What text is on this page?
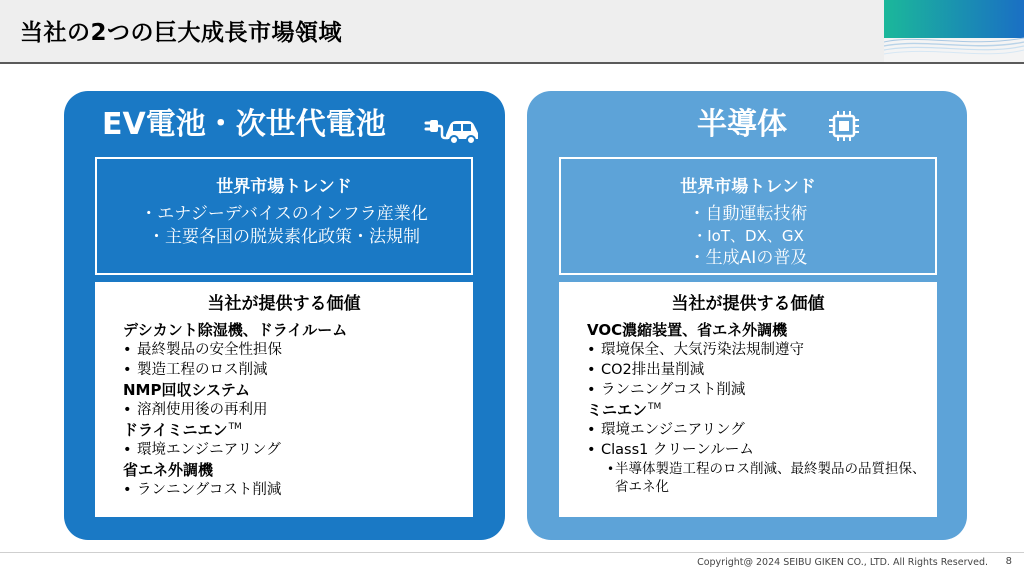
当社の2つの巨大成長市場領域
EV電池・次世代電池
世界市場トレンド
・エナジーデバイスのインフラ産業化
・主要各国の脱炭素化政策・法規制
当社が提供する価値
デシカント除湿機、ドライルーム
• 最終製品の安全性担保
• 製造工程のロス削減
NMP回収システム
• 溶剤使用後の再利用
ドライミニエン™
• 環境エンジニアリング
省エネ外調機
• ランニングコスト削減
半導体
世界市場トレンド
・自動運転技術
・IoT、DX、GX
・生成AIの普及
当社が提供する価値
VOC濃縮装置、省エネ外調機
• 環境保全、大気汚染法規制遵守
• CO2排出量削減
• ランニングコスト削減
ミニエン™
• 環境エンジニアリング
• Class1 クリーンルーム
• 半導体製造工程のロス削減、最終製品の品質担保、省エネ化
Copyright@ 2024 SEIBU GIKEN CO., LTD. All Rights Reserved. 8
